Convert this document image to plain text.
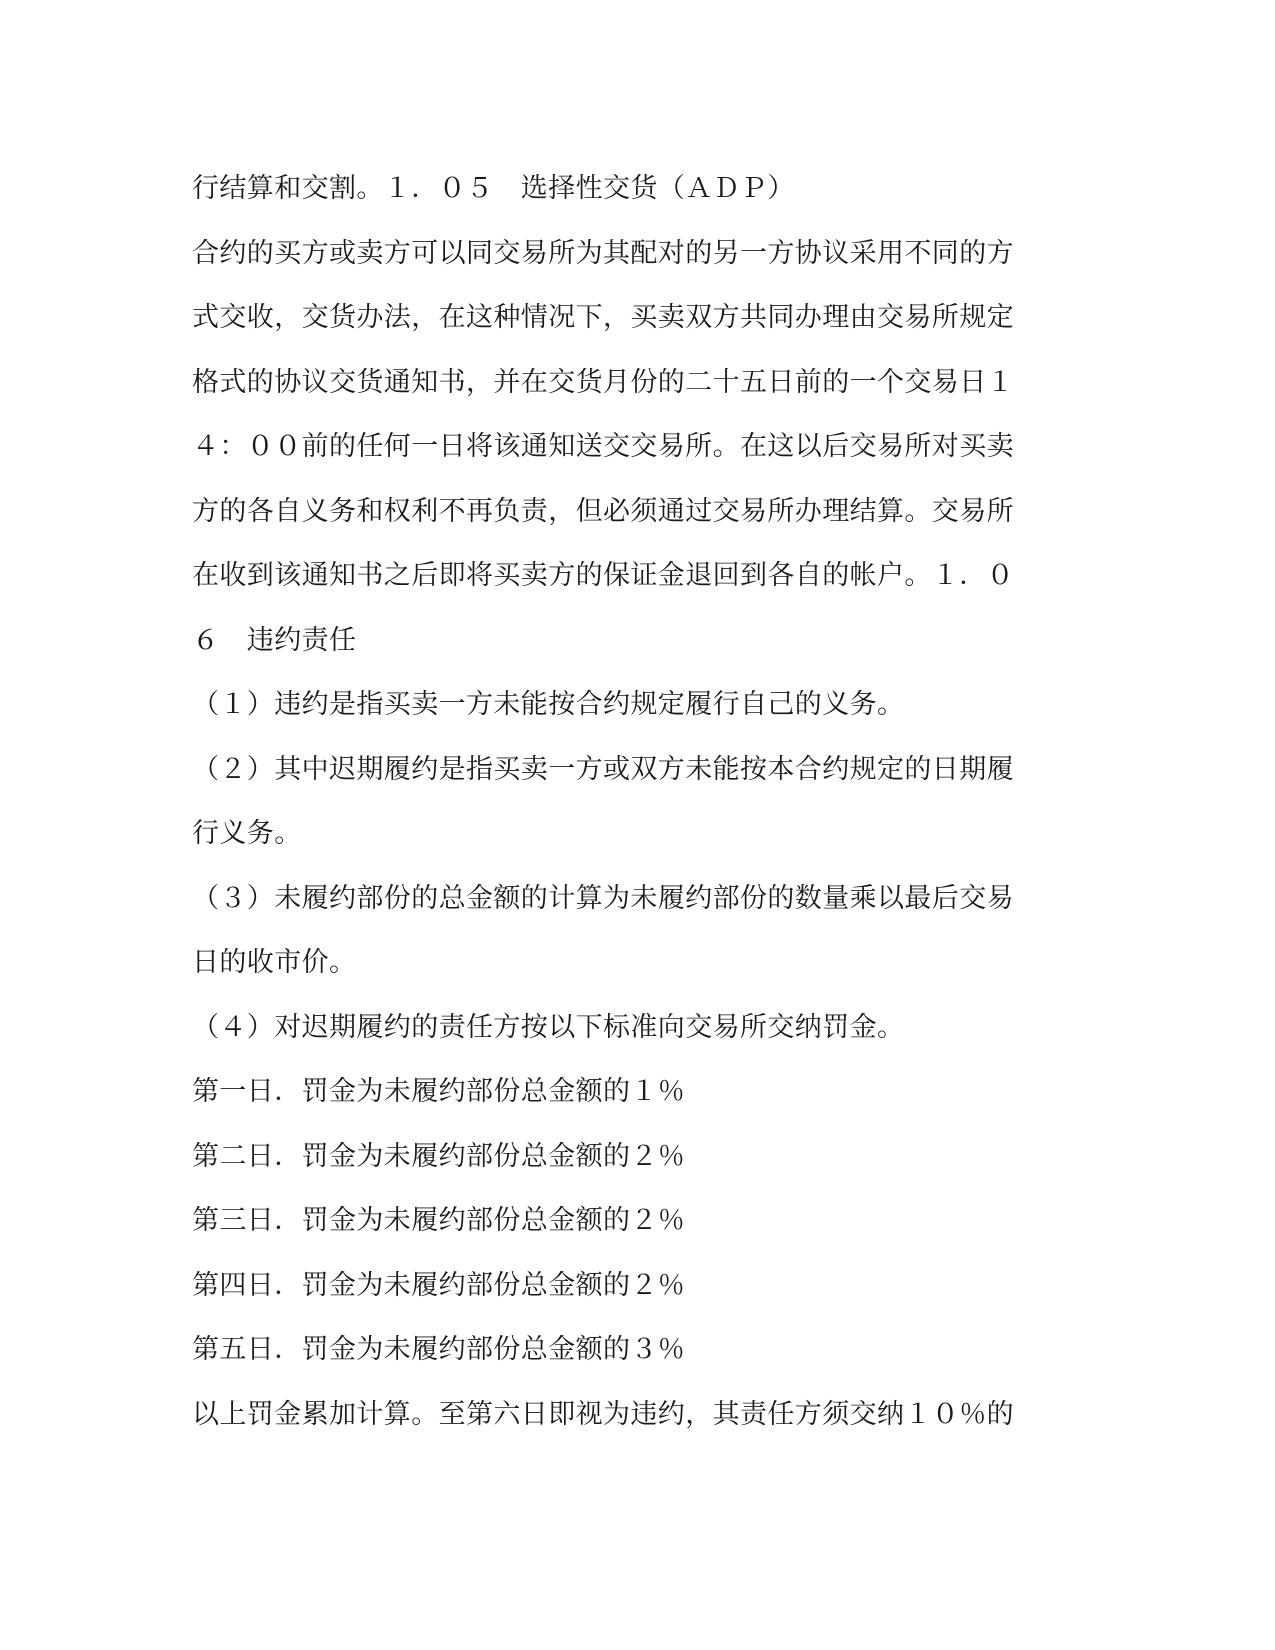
行结算和交割。１．０５　选择性交货（ＡＤＰ）
合约的买方或卖方可以同交易所为其配对的另一方协议采用不同的方
式交收，交货办法，在这种情况下，买卖双方共同办理由交易所规定
格式的协议交货通知书，并在交货月份的二十五日前的一个交易日１
４：００前的任何一日将该通知送交交易所。在这以后交易所对买卖
方的各自义务和权利不再负责，但必须通过交易所办理结算。交易所
在收到该通知书之后即将买卖方的保证金退回到各自的帐户。１．０
６　违约责任
（１）违约是指买卖一方未能按合约规定履行自己的义务。
（２）其中迟期履约是指买卖一方或双方未能按本合约规定的日期履
行义务。
（３）未履约部份的总金额的计算为未履约部份的数量乘以最后交易
日的收市价。
（４）对迟期履约的责任方按以下标准向交易所交纳罚金。
第一日．罚金为未履约部份总金额的１％
第二日．罚金为未履约部份总金额的２％
第三日．罚金为未履约部份总金额的２％
第四日．罚金为未履约部份总金额的２％
第五日．罚金为未履约部份总金额的３％
以上罚金累加计算。至第六日即视为违约，其责任方须交纳１０％的
